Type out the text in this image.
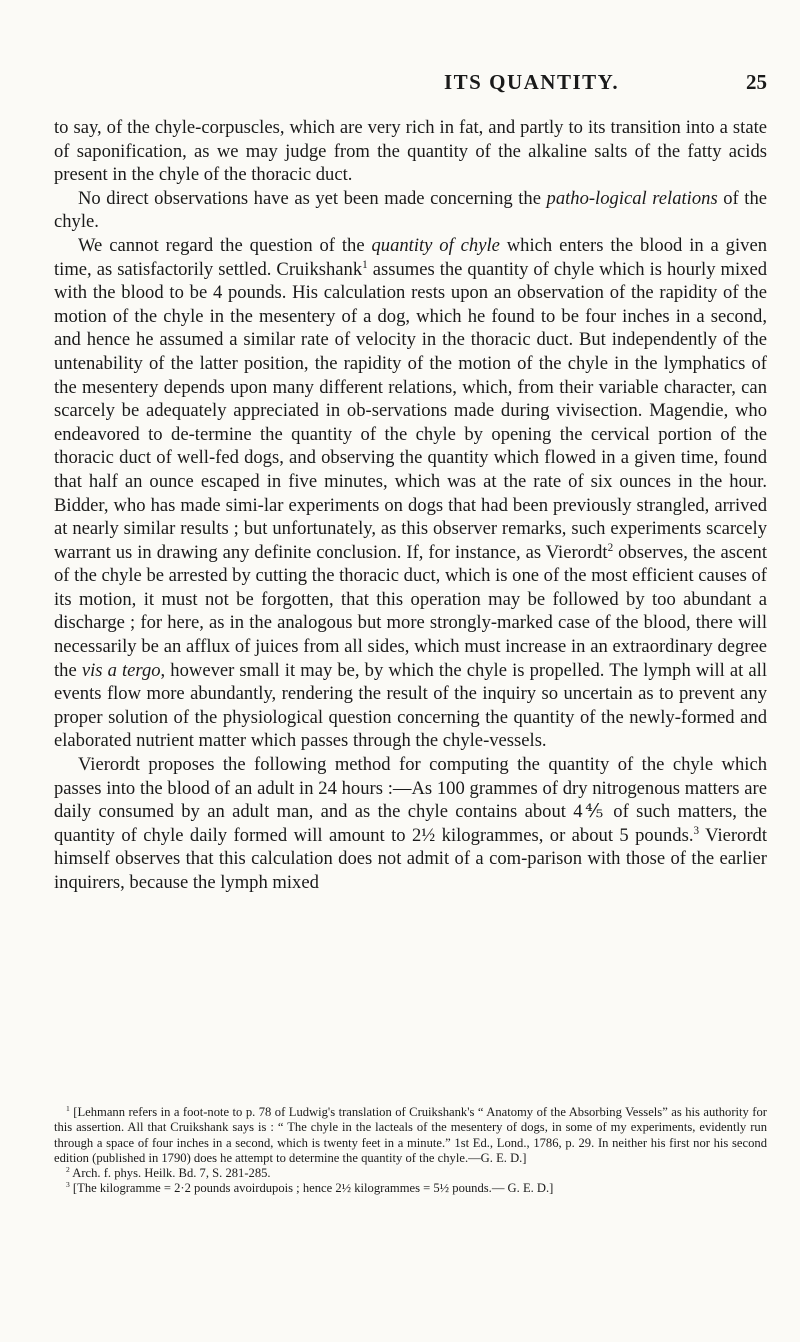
ITS QUANTITY.	25

to say, of the chyle-corpuscles, which are very rich in fat, and partly to its transition into a state of saponification, as we may judge from the quantity of the alkaline salts of the fatty acids present in the chyle of the thoracic duct.

No direct observations have as yet been made concerning the patho-logical relations of the chyle.

We cannot regard the question of the quantity of chyle which enters the blood in a given time, as satisfactorily settled. Cruikshank$^1$ assumes the quantity of chyle which is hourly mixed with the blood to be 4 pounds. His calculation rests upon an observation of the rapidity of the motion of the chyle in the mesentery of a dog, which he found to be four inches in a second, and hence he assumed a similar rate of velocity in the thoracic duct. But independently of the untenability of the latter position, the rapidity of the motion of the chyle in the lymphatics of the mesentery depends upon many different relations, which, from their variable character, can scarcely be adequately appreciated in ob-servations made during vivisection. Magendie, who endeavored to de-termine the quantity of the chyle by opening the cervical portion of the thoracic duct of well-fed dogs, and observing the quantity which flowed in a given time, found that half an ounce escaped in five minutes, which was at the rate of six ounces in the hour. Bidder, who has made simi-lar experiments on dogs that had been previously strangled, arrived at nearly similar results ; but unfortunately, as this observer remarks, such experiments scarcely warrant us in drawing any definite conclusion. If, for instance, as Vierordt$^2$ observes, the ascent of the chyle be arrested by cutting the thoracic duct, which is one of the most efficient causes of its motion, it must not be forgotten, that this operation may be followed by too abundant a discharge ; for here, as in the analogous but more strongly-marked case of the blood, there will necessarily be an afflux of juices from all sides, which must increase in an extraordinary degree the vis a tergo, however small it may be, by which the chyle is propelled. The lymph will at all events flow more abundantly, rendering the result of the inquiry so uncertain as to prevent any proper solution of the physiological question concerning the quantity of the newly-formed and elaborated nutrient matter which passes through the chyle-vessels.

Vierordt proposes the following method for computing the quantity of the chyle which passes into the blood of an adult in 24 hours :—As 100 grammes of dry nitrogenous matters are daily consumed by an adult man, and as the chyle contains about 4⅘ of such matters, the quantity of chyle daily formed will amount to 2½ kilogrammes, or about 5 pounds.$^3$ Vierordt himself observes that this calculation does not admit of a com-parison with those of the earlier inquirers, because the lymph mixed

$^1$ [Lehmann refers in a foot-note to p. 78 of Ludwig's translation of Cruikshank's “ Anatomy of the Absorbing Vessels” as his authority for this assertion. All that Cruikshank says is : “ The chyle in the lacteals of the mesentery of dogs, in some of my experiments, evidently run through a space of four inches in a second, which is twenty feet in a minute.” 1st Ed., Lond., 1786, p. 29. In neither his first nor his second edition (published in 1790) does he attempt to determine the quantity of the chyle.—G. E. D.]

$^2$ Arch. f. phys. Heilk. Bd. 7, S. 281-285.

$^3$ [The kilogramme = 2·2 pounds avoirdupois ; hence 2½ kilogrammes = 5½ pounds.— G. E. D.]
